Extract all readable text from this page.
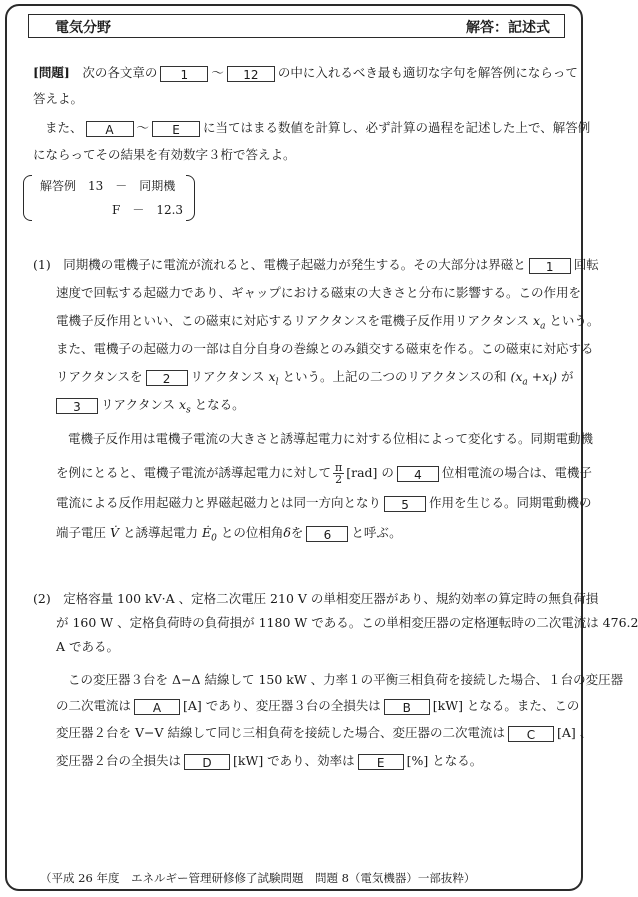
電気分野	解答：記述式
[問題]　 次の各文章の 1 ～ 12 の中に入れるべき最も適切な字句を解答例にならって
答えよ。
また、 A ～ E に当てはまる数値を計算し、必ず計算の過程を記述した上で、解答例
にならってその結果を有効数字３桁で答えよ。
解答例　13　－　同期機
F　－　12.3
(1)　同期機の電機子に電流が流れると、電機子起磁力が発生する。その大部分は界磁と 1 回転
速度で回転する起磁力であり、ギャップにおける磁束の大きさと分布に影響する。この作用を
電機子反作用といい、この磁束に対応するリアクタンスを電機子反作用リアクタンス $x_a$ という。
また、電機子の起磁力の一部は自分自身の巻線とのみ鎖交する磁束を作る。この磁束に対応する
リアクタンスを 2 リアクタンス $x_l$ という。上記の二つのリアクタンスの和 $(x_a +x_l)$ が
3 リアクタンス $x_s$ となる。
電機子反作用は電機子電流の大きさと誘導起電力に対する位相によって変化する。同期電動機
を例にとると、電機子電流が誘導起電力に対して $\frac{\pi}{2} [rad]$ の 4 位相電流の場合は、電機子
電流による反作用起磁力と界磁起磁力とは同一方向となり 5 作用を生じる。同期電動機の
端子電圧 V̇ と誘導起電力 $Ė_0$ との位相角δを 6 と呼ぶ。
(2)　定格容量 100 kV·A 、定格二次電圧 210 V の単相変圧器があり、規約効率の算定時の無負荷損
が 160 W 、定格負荷時の負荷損が 1180 W である。この単相変圧器の定格運転時の二次電流は 476.2
A である。
この変圧器３台を Δ−Δ 結線して 150 kW 、力率１の平衡三相負荷を接続した場合、１台の変圧器
の二次電流は A [A] であり、変圧器３台の全損失は B [kW] となる。また、この
変圧器２台を V−V 結線して同じ三相負荷を接続した場合、変圧器の二次電流は C [A] 、
変圧器２台の全損失は D [kW] であり、効率は E [%] となる。
（平成 26 年度　エネルギー管理研修修了試験問題　問題 8（電気機器）一部抜粋）
